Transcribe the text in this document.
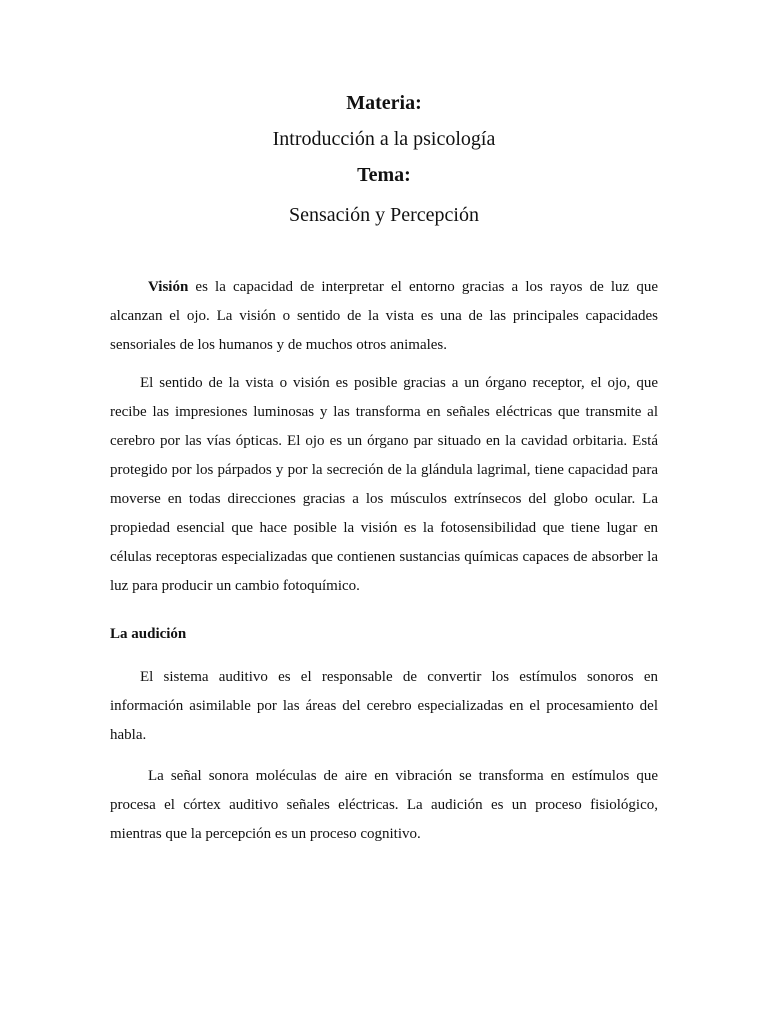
Materia:

Introducción a la psicología

Tema:

Sensación y Percepción

Visión es la capacidad de interpretar el entorno gracias a los rayos de luz que alcanzan el ojo. La visión o sentido de la vista es una de las principales capacidades sensoriales de los humanos y de muchos otros animales.

El sentido de la vista o visión es posible gracias a un órgano receptor, el ojo, que recibe las impresiones luminosas y las transforma en señales eléctricas que transmite al cerebro por las vías ópticas. El ojo es un órgano par situado en la cavidad orbitaria. Está protegido por los párpados y por la secreción de la glándula lagrimal, tiene capacidad para moverse en todas direcciones gracias a los músculos extrínsecos del globo ocular. La propiedad esencial que hace posible la visión es la fotosensibilidad que tiene lugar en células receptoras especializadas que contienen sustancias químicas capaces de absorber la luz para producir un cambio fotoquímico.

La audición

El sistema auditivo es el responsable de convertir los estímulos sonoros en información asimilable por las áreas del cerebro especializadas en el procesamiento del habla.

La señal sonora moléculas de aire en vibración se transforma en estímulos que procesa el córtex auditivo señales eléctricas. La audición es un proceso fisiológico, mientras que la percepción es un proceso cognitivo.
